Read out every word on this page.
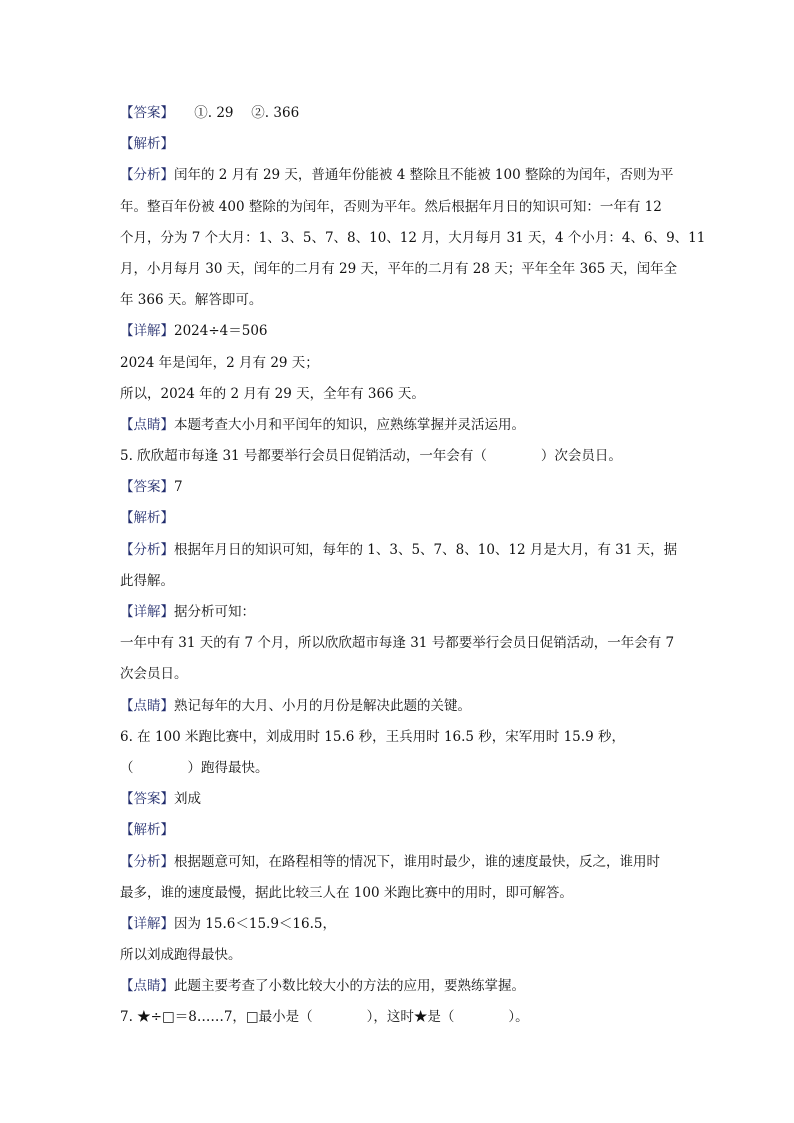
【答案】　　①. 29　 ②. 366
【解析】
【分析】闰年的 2 月有 29 天，普通年份能被 4 整除且不能被 100 整除的为闰年，否则为平
年。整百年份被 400 整除的为闰年，否则为平年。然后根据年月日的知识可知：一年有 12
个月，分为 7 个大月：1、3、5、7、8、10、12 月，大月每月 31 天，4 个小月：4、6、9、11
月，小月每月 30 天，闰年的二月有 29 天，平年的二月有 28 天；平年全年 365 天，闰年全
年 366 天。解答即可。
【详解】2024÷4＝506
2024 年是闰年，2 月有 29 天；
所以，2024 年的 2 月有 29 天，全年有 366 天。
【点睛】本题考查大小月和平闰年的知识，应熟练掌握并灵活运用。
5. 欣欣超市每逢 31 号都要举行会员日促销活动，一年会有（　　　　）次会员日。
【答案】7
【解析】
【分析】根据年月日的知识可知，每年的 1、3、5、7、8、10、12 月是大月，有 31 天，据
此得解。
【详解】据分析可知：
一年中有 31 天的有 7 个月，所以欣欣超市每逢 31 号都要举行会员日促销活动，一年会有 7
次会员日。
【点睛】熟记每年的大月、小月的月份是解决此题的关键。
6. 在 100 米跑比赛中，刘成用时 15.6 秒，王兵用时 16.5 秒，宋军用时 15.9 秒，
（　　　　）跑得最快。
【答案】刘成
【解析】
【分析】根据题意可知，在路程相等的情况下，谁用时最少，谁的速度最快，反之，谁用时
最多，谁的速度最慢，据此比较三人在 100 米跑比赛中的用时，即可解答。
【详解】因为 15.6＜15.9＜16.5，
所以刘成跑得最快。
【点睛】此题主要考查了小数比较大小的方法的应用，要熟练掌握。
7. ★÷□＝8……7，□最小是（　　　　），这时★是（　　　　）。
